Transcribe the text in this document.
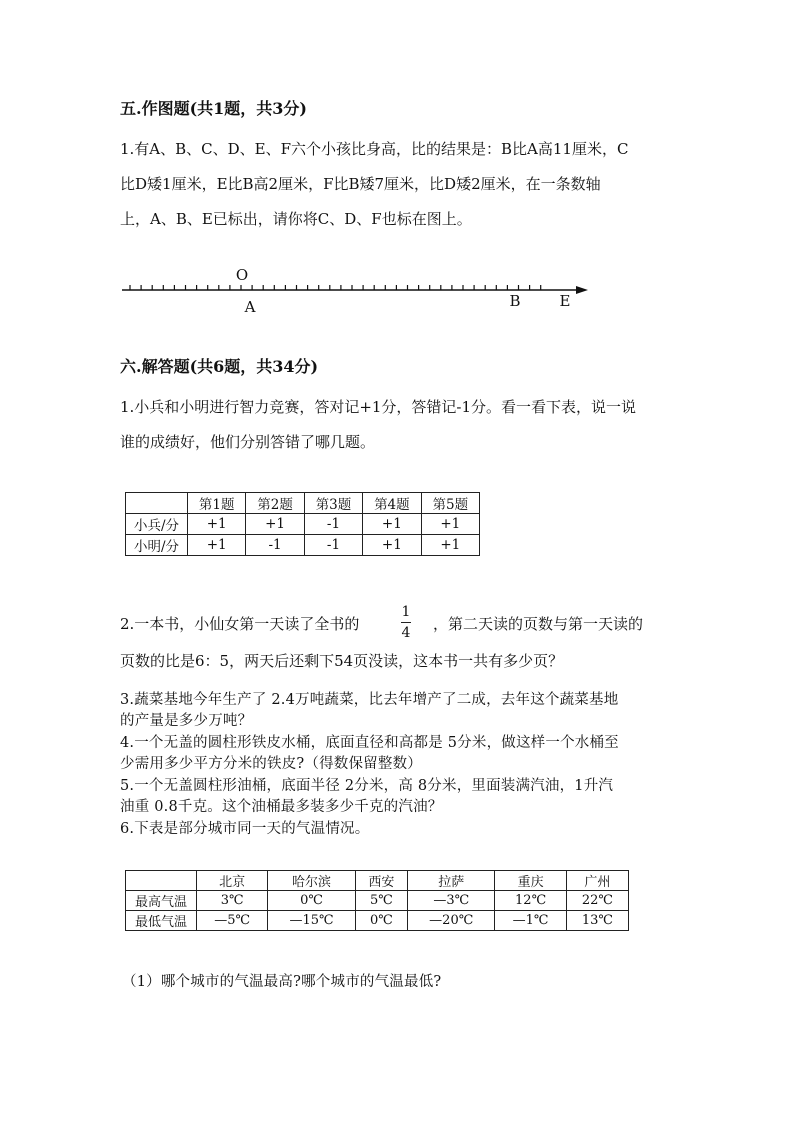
五.作图题(共1题，共3分)
1.有A、B、C、D、E、F六个小孩比身高，比的结果是：B比A高11厘米，C
比D矮1厘米，E比B高2厘米，F比B矮7厘米，比D矮2厘米，在一条数轴
上，A、B、E已标出，请你将C、D、F也标在图上。
O
A	B	E
六.解答题(共6题，共34分)
1.小兵和小明进行智力竞赛，答对记+1分，答错记-1分。看一看下表，说一说
谁的成绩好，他们分别答错了哪几题。
	第1题	第2题	第3题	第4题	第5题
小兵/分	+1	+1	-1	+1	+1
小明/分	+1	-1	-1	+1	+1
2.一本书，小仙女第一天读了全书的
1
4 ，第二天读的页数与第一天读的
页数的比是6：5，两天后还剩下54页没读，这本书一共有多少页？
3.蔬菜基地今年生产了 2.4万吨蔬菜，比去年增产了二成，去年这个蔬菜基地
的产量是多少万吨？
4.一个无盖的圆柱形铁皮水桶，底面直径和高都是 5分米，做这样一个水桶至
少需用多少平方分米的铁皮?（得数保留整数）
5.一个无盖圆柱形油桶，底面半径 2分米，高 8分米，里面装满汽油，1升汽
油重 0.8千克。这个油桶最多装多少千克的汽油？
6.下表是部分城市同一天的气温情况。
	北京	哈尔滨	西安	拉萨	重庆	广州
最高气温	3℃	0℃	5℃	—3℃	12℃	22℃
最低气温	—5℃	—15℃	0℃	—20℃	—1℃	13℃
（1）哪个城市的气温最高?哪个城市的气温最低?
